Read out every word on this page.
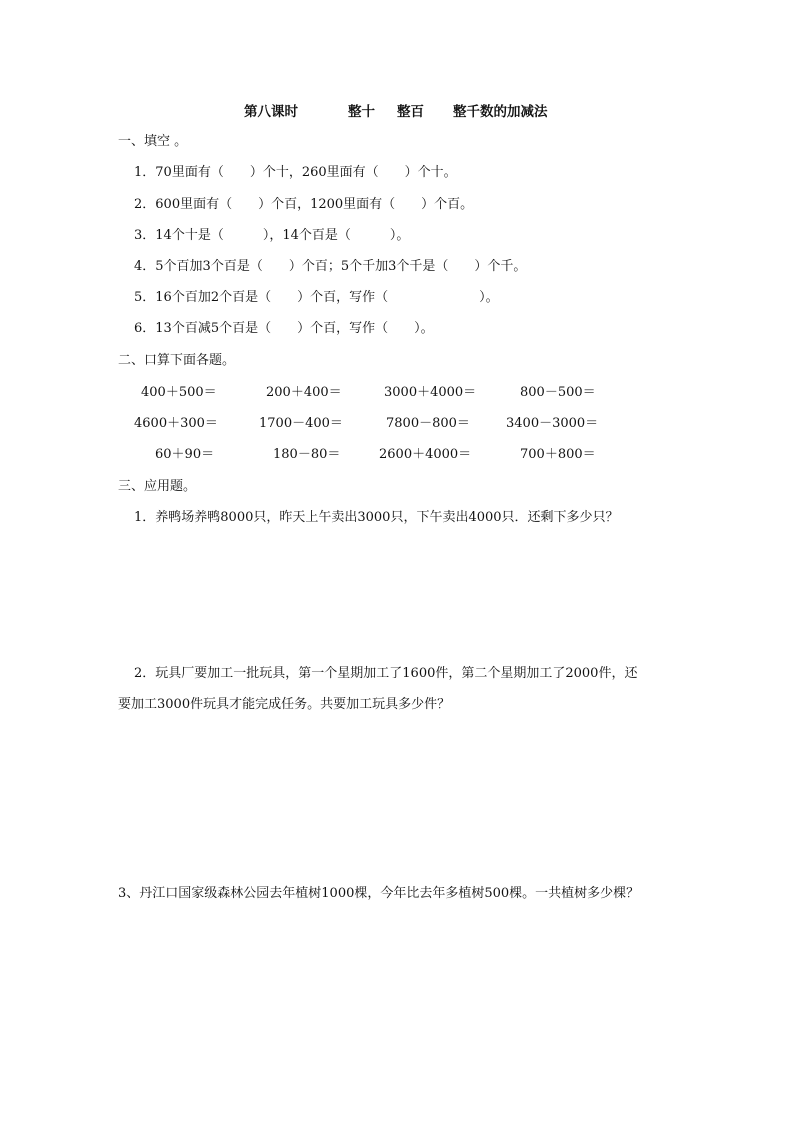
第八课时	整十 整百 整千数的加减法
一、填空 。
1．70里面有（　　）个十，260里面有（　　）个十。
2．600里面有（　　）个百，1200里面有（　　）个百。
3．14个十是（　　　），14个百是（　　　）。
4．5个百加3个百是（　　）个百；5个千加3个千是（　　）个千。
5．16个百加2个百是（　　）个百，写作（　　　　　　　）。
6．13个百减5个百是（　　）个百，写作（　　）。
二、口算下面各题。
400＋500＝	200＋400＝	3000＋4000＝	800－500＝
4600＋300＝	1700－400＝	7800－800＝	3400－3000＝
60＋90＝	180－80＝	2600＋4000＝	700＋800＝
三、应用题。
1．养鸭场养鸭8000只，昨天上午卖出3000只，下午卖出4000只．还剩下多少只？
2．玩具厂要加工一批玩具，第一个星期加工了1600件，第二个星期加工了2000件，还
要加工3000件玩具才能完成任务。共要加工玩具多少件？
3、丹江口国家级森林公园去年植树1000棵，今年比去年多植树500棵。一共植树多少棵？
